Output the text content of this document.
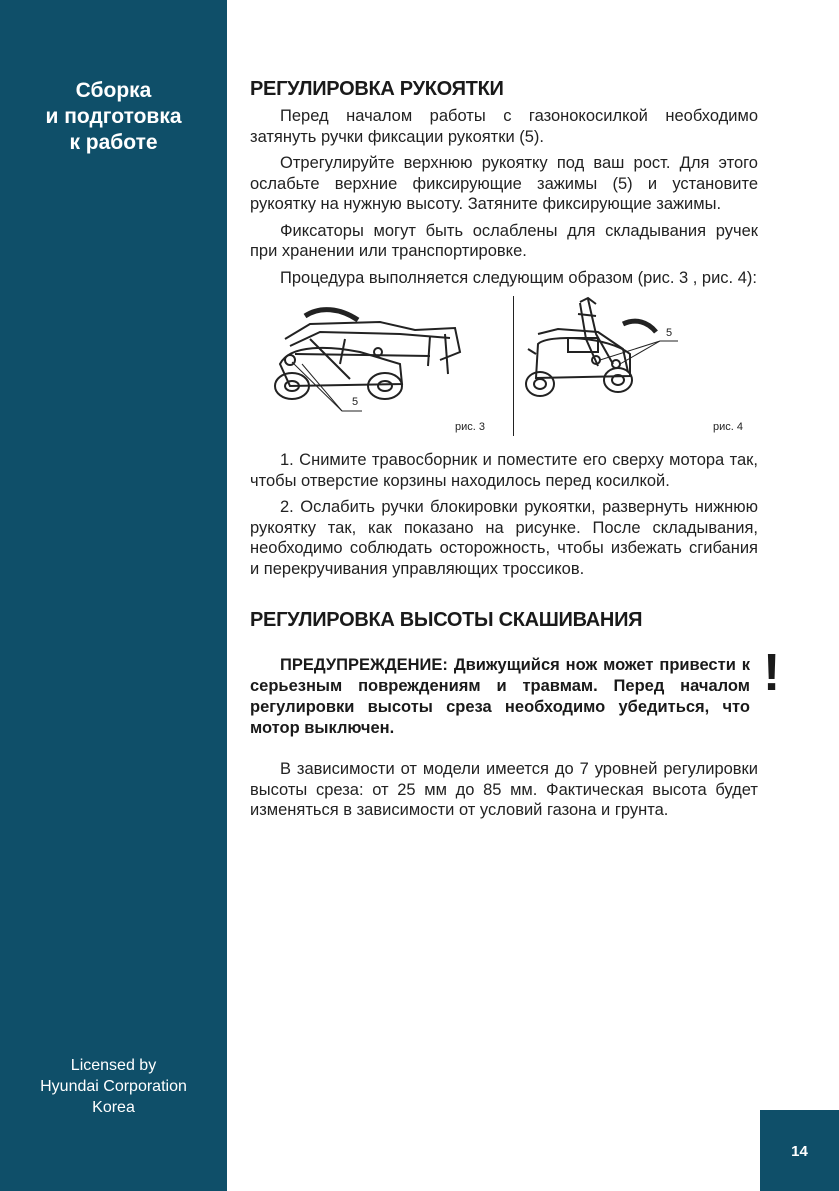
Сборка
и подготовка
к работе
Licensed by
Hyundai Corporation
Korea
14
РЕГУЛИРОВКА РУКОЯТКИ

Перед началом работы с газонокосилкой необходимо затянуть ручки фиксации рукоятки (5).

Отрегулируйте верхнюю рукоятку под ваш рост. Для этого ослабьте верхние фиксирующие зажимы (5) и установите рукоятку на нужную высоту. Затяните фиксирующие зажимы.

Фиксаторы могут быть ослаблены для складывания ручек при хранении или транспортировке.

Процедура выполняется следующим образом (рис. 3 , рис. 4):

5
рис. 3
5
рис. 4

1. Снимите травосборник и поместите его сверху мотора так, чтобы отверстие корзины находилось перед косилкой.

2. Ослабить ручки блокировки рукоятки, развернуть нижнюю рукоятку так, как показано на рисунке. После складывания, необходимо соблюдать осторожность, чтобы избежать сгибания и перекручивания управляющих троссиков.

РЕГУЛИРОВКА ВЫСОТЫ СКАШИВАНИЯ

ПРЕДУПРЕЖДЕНИЕ: Движущийся нож может привести к серьезным повреждениям и травмам. Перед началом регулировки высоты среза необходимо убедиться, что мотор выключен.

!

В зависимости от модели имеется до 7 уровней регулировки высоты среза: от 25 мм до 85 мм. Фактическая высота будет изменяться в зависимости от условий газона и грунта.
